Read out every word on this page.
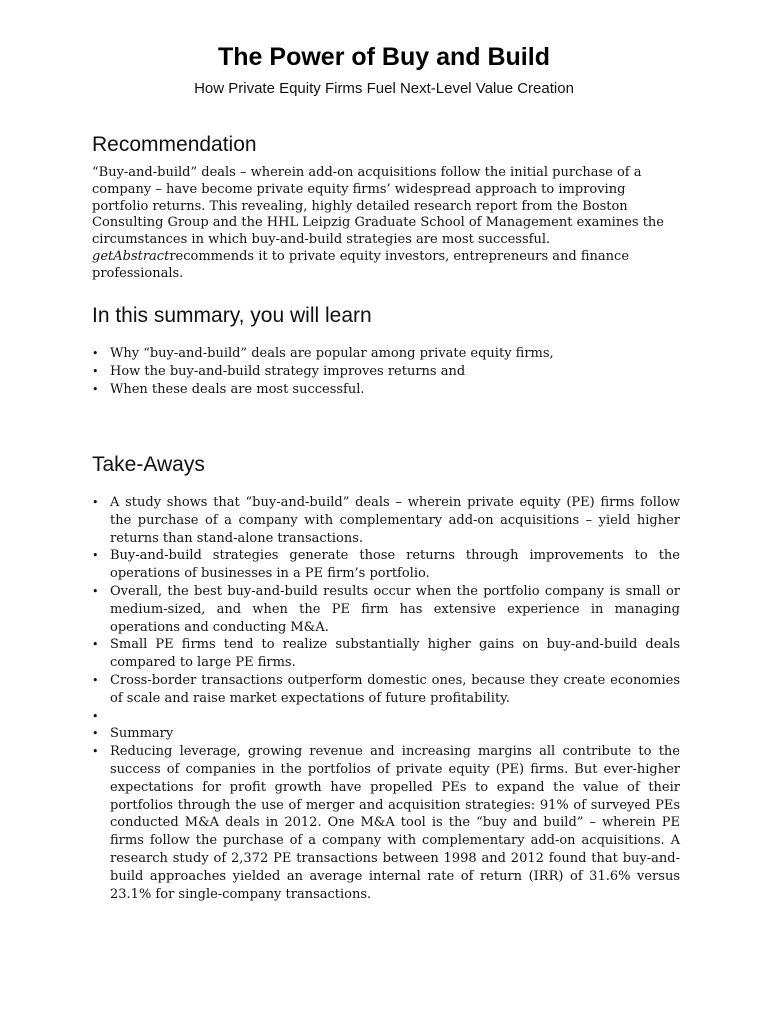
The Power of Buy and Build
How Private Equity Firms Fuel Next-Level Value Creation
Recommendation
“Buy-and-build” deals – wherein add-on acquisitions follow the initial purchase of a company – have become private equity firms’ widespread approach to improving portfolio returns. This revealing, highly detailed research report from the Boston Consulting Group and the HHL Leipzig Graduate School of Management examines the circumstances in which buy-and-build strategies are most successful. getAbstractrecommends it to private equity investors, entrepreneurs and finance professionals.
In this summary, you will learn
• Why “buy-and-build” deals are popular among private equity firms,
• How the buy-and-build strategy improves returns and
• When these deals are most successful.
Take-Aways
• A study shows that “buy-and-build” deals – wherein private equity (PE) firms follow the purchase of a company with complementary add-on acquisitions – yield higher returns than stand-alone transactions.
• Buy-and-build strategies generate those returns through improvements to the operations of businesses in a PE firm’s portfolio.
• Overall, the best buy-and-build results occur when the portfolio company is small or medium-sized, and when the PE firm has extensive experience in managing operations and conducting M&A.
• Small PE firms tend to realize substantially higher gains on buy-and-build deals compared to large PE firms.
• Cross-border transactions outperform domestic ones, because they create economies of scale and raise market expectations of future profitability.
•
• Summary
• Reducing leverage, growing revenue and increasing margins all contribute to the success of companies in the portfolios of private equity (PE) firms. But ever-higher expectations for profit growth have propelled PEs to expand the value of their portfolios through the use of merger and acquisition strategies: 91% of surveyed PEs conducted M&A deals in 2012. One M&A tool is the “buy and build” – wherein PE firms follow the purchase of a company with complementary add-on acquisitions. A research study of 2,372 PE transactions between 1998 and 2012 found that buy-and-build approaches yielded an average internal rate of return (IRR) of 31.6% versus 23.1% for single-company transactions.
